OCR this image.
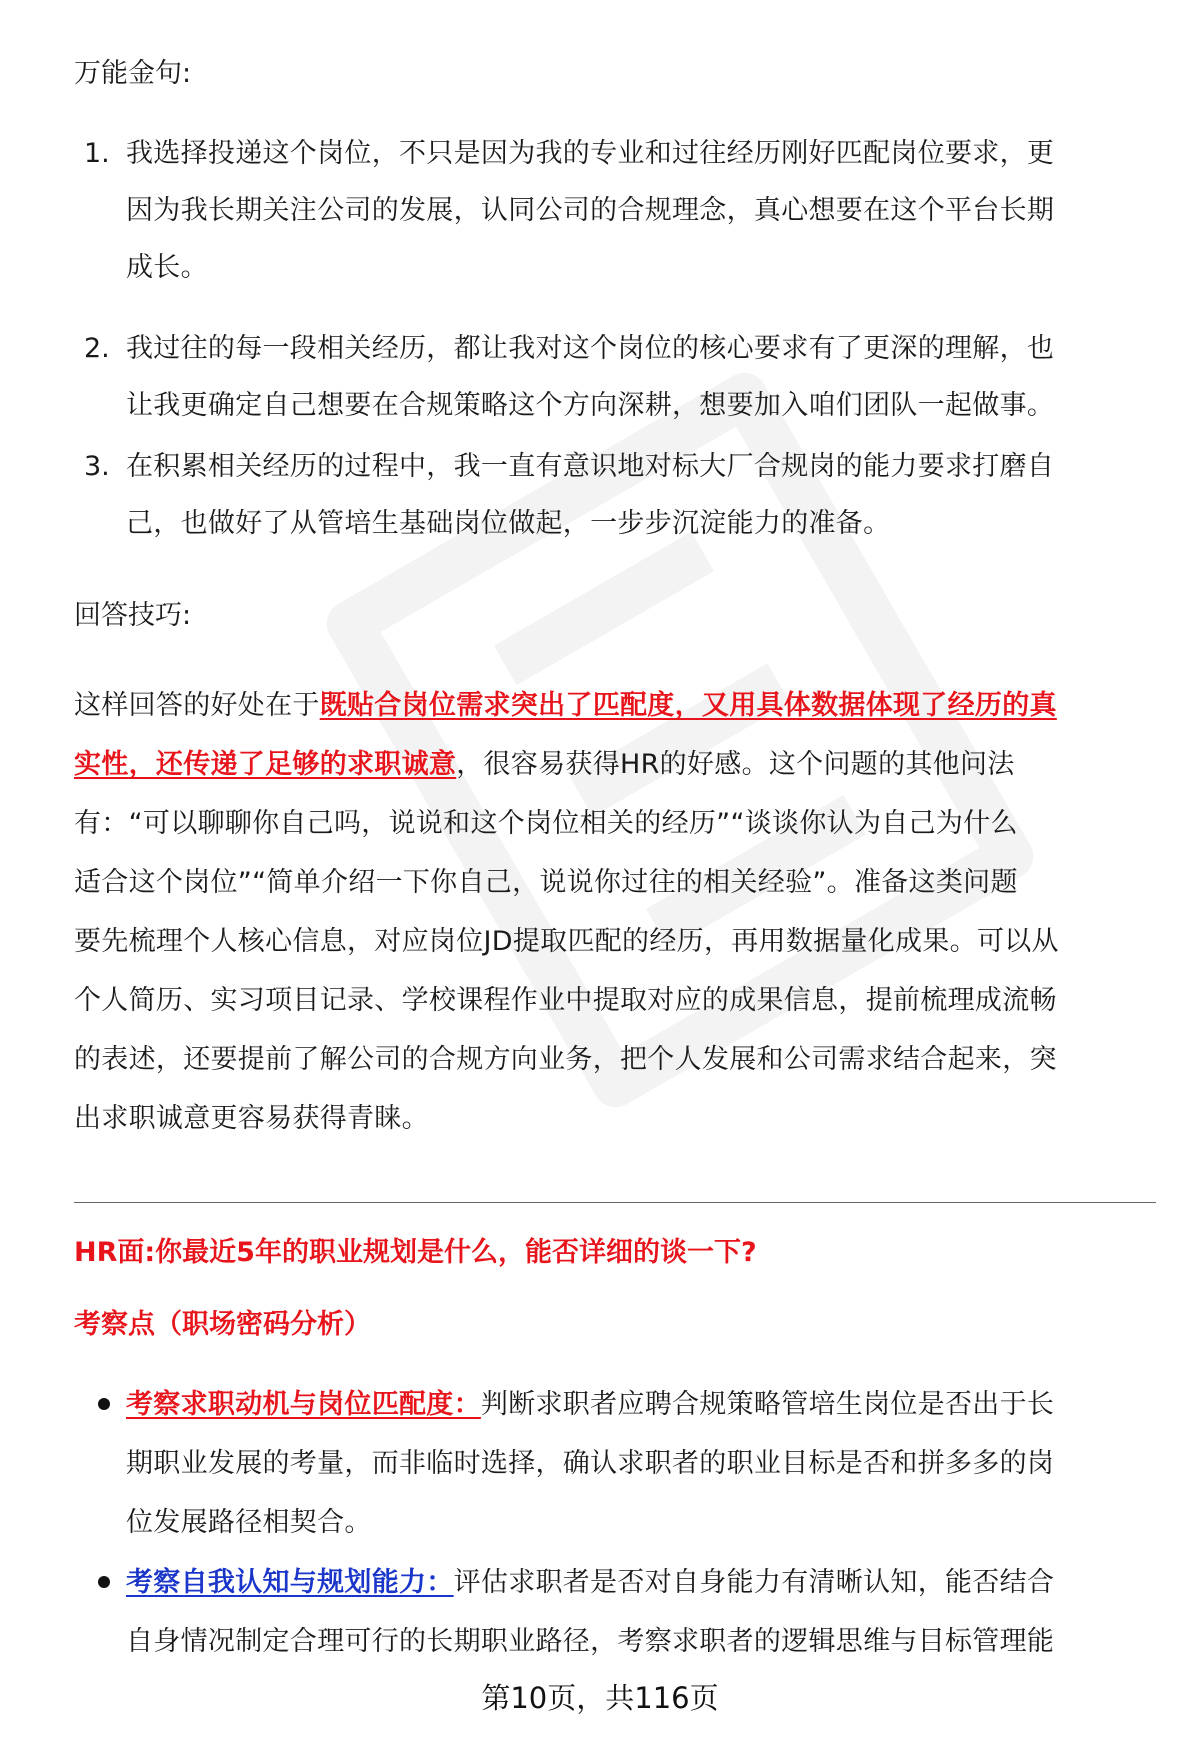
万能金句:
1. 我选择投递这个岗位，不只是因为我的专业和过往经历刚好匹配岗位要求，更
因为我长期关注公司的发展，认同公司的合规理念，真心想要在这个平台长期
成长。
2. 我过往的每一段相关经历，都让我对这个岗位的核心要求有了更深的理解，也
让我更确定自己想要在合规策略这个方向深耕，想要加入咱们团队一起做事。
3. 在积累相关经历的过程中，我一直有意识地对标大厂合规岗的能力要求打磨自
己，也做好了从管培生基础岗位做起，一步步沉淀能力的准备。
回答技巧:
这样回答的好处在于既贴合岗位需求突出了匹配度，又用具体数据体现了经历的真
实性，还传递了足够的求职诚意，很容易获得HR的好感。这个问题的其他问法
有：“可以聊聊你自己吗，说说和这个岗位相关的经历”“谈谈你认为自己为什么
适合这个岗位”“简单介绍一下你自己，说说你过往的相关经验”。准备这类问题
要先梳理个人核心信息，对应岗位JD提取匹配的经历，再用数据量化成果。可以从
个人简历、实习项目记录、学校课程作业中提取对应的成果信息，提前梳理成流畅
的表述，还要提前了解公司的合规方向业务，把个人发展和公司需求结合起来，突
出求职诚意更容易获得青睐。
HR面:你最近5年的职业规划是什么，能否详细的谈一下?
考察点（职场密码分析）
考察求职动机与岗位匹配度：判断求职者应聘合规策略管培生岗位是否出于长
期职业发展的考量，而非临时选择，确认求职者的职业目标是否和拼多多的岗
位发展路径相契合。
考察自我认知与规划能力：评估求职者是否对自身能力有清晰认知，能否结合
自身情况制定合理可行的长期职业路径，考察求职者的逻辑思维与目标管理能
第10页，共116页
